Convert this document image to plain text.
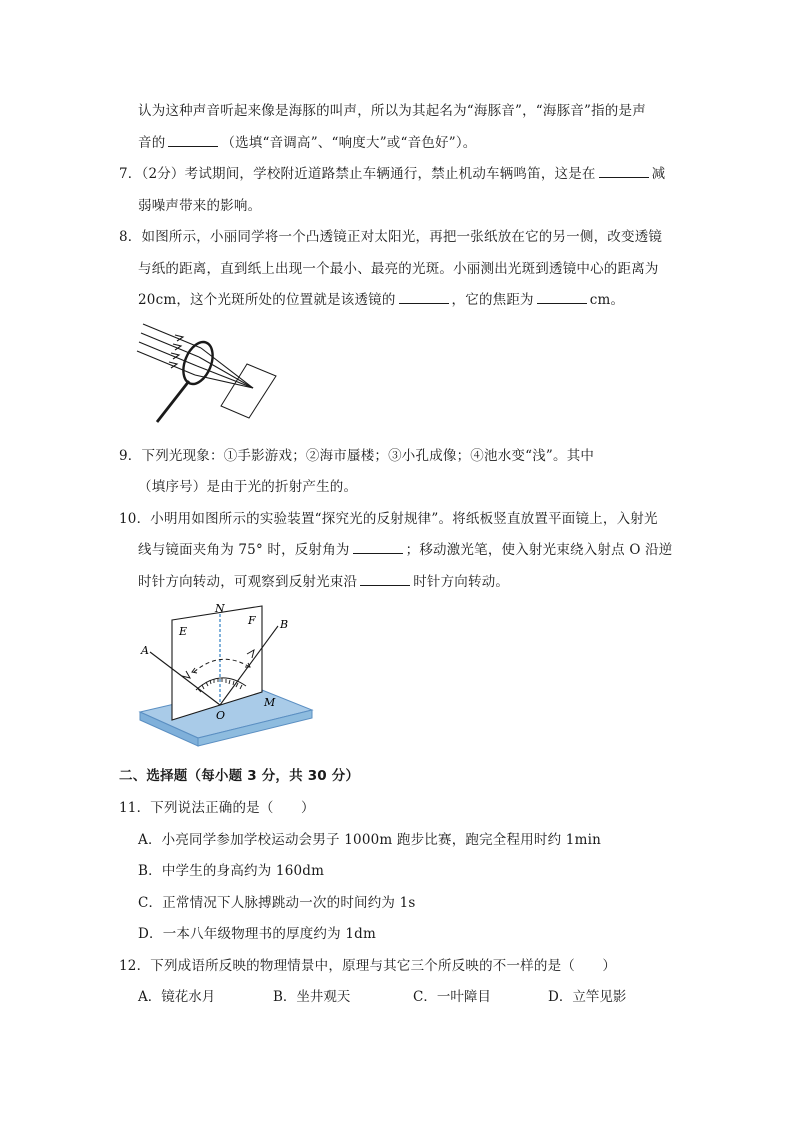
认为这种声音听起来像是海豚的叫声，所以为其起名为“海豚音”，“海豚音”指的是声
音的	（选填“音调高”、“响度大”或“音色好”）。
7．（2分）考试期间，学校附近道路禁止车辆通行，禁止机动车辆鸣笛，这是在	减
弱噪声带来的影响。
8．如图所示，小丽同学将一个凸透镜正对太阳光，再把一张纸放在它的另一侧，改变透镜
与纸的距离，直到纸上出现一个最小、最亮的光斑。小丽测出光斑到透镜中心的距离为
20cm，这个光斑所处的位置就是该透镜的	，它的焦距为	cm。
9．下列光现象：①手影游戏；②海市蜃楼；③小孔成像；④池水变“浅”。其中
（填序号）是由于光的折射产生的。
10．小明用如图所示的实验装置“探究光的反射规律”。将纸板竖直放置平面镜上，入射光
线与镜面夹角为 75° 时，反射角为	；移动激光笔，使入射光束绕入射点 O 沿逆
时针方向转动，可观察到反射光束沿	时针方向转动。
N
E
F
A
B
O
M
二、选择题（每小题 3 分，共 30 分）
11．下列说法正确的是（　　）
A．小亮同学参加学校运动会男子 1000m 跑步比赛，跑完全程用时约 1min
B．中学生的身高约为 160dm
C．正常情况下人脉搏跳动一次的时间约为 1s
D．一本八年级物理书的厚度约为 1dm
12．下列成语所反映的物理情景中，原理与其它三个所反映的不一样的是（　　）
A．镜花水月	B．坐井观天	C．一叶障目	D．立竿见影
